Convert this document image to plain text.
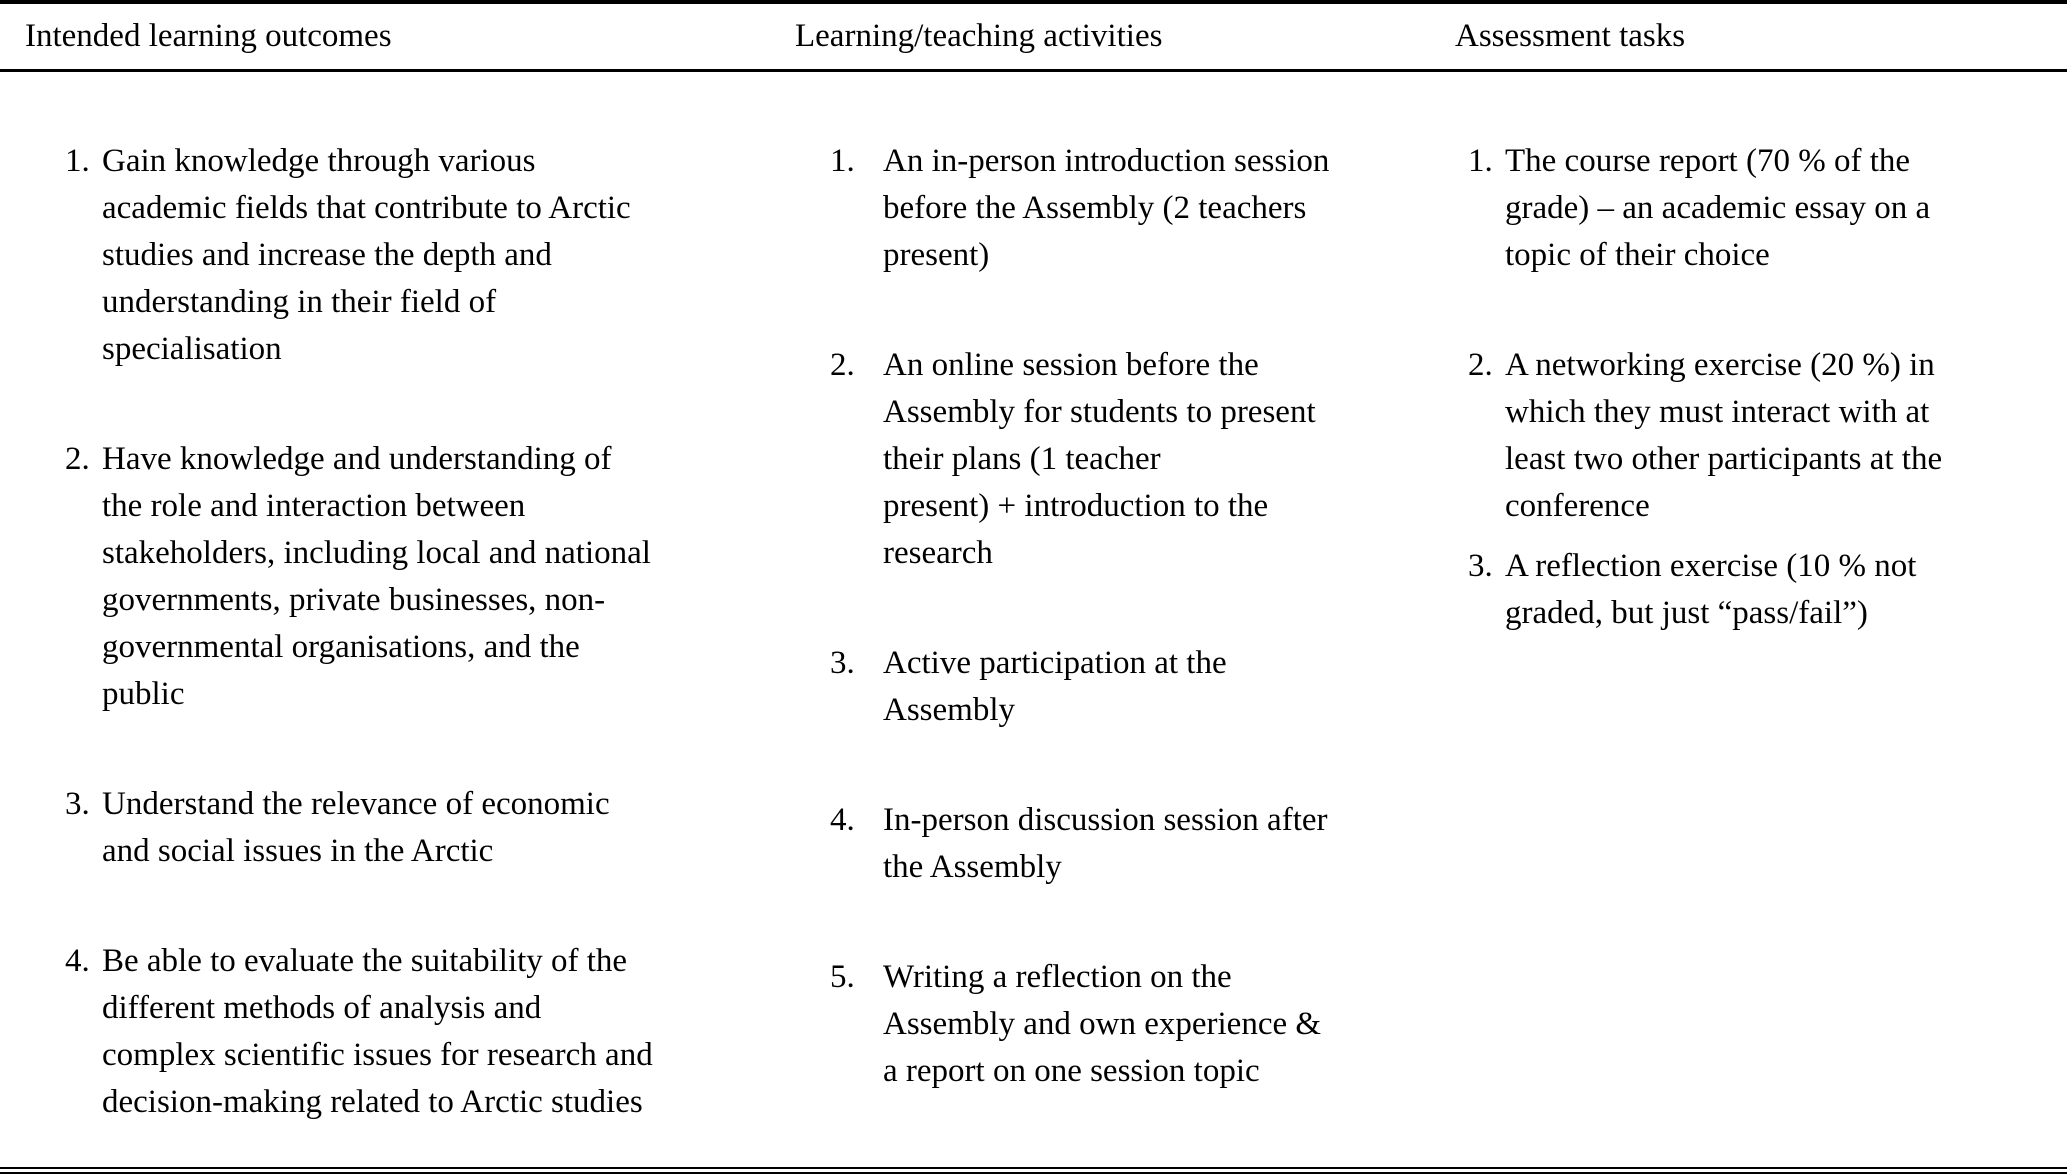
Intended learning outcomes	Learning/teaching activities	Assessment tasks
1. Gain knowledge through various academic fields that contribute to Arctic studies and increase the depth and understanding in their field of specialisation
2. Have knowledge and understanding of the role and interaction between stakeholders, including local and national governments, private businesses, non-governmental organisations, and the public
3. Understand the relevance of economic and social issues in the Arctic
4. Be able to evaluate the suitability of the different methods of analysis and complex scientific issues for research and decision-making related to Arctic studies
1. An in-person introduction session before the Assembly (2 teachers present)
2. An online session before the Assembly for students to present their plans (1 teacher present) + introduction to the research
3. Active participation at the Assembly
4. In-person discussion session after the Assembly
5. Writing a reflection on the Assembly and own experience & a report on one session topic
1. The course report (70 % of the grade) – an academic essay on a topic of their choice
2. A networking exercise (20 %) in which they must interact with at least two other participants at the conference
3. A reflection exercise (10 % not graded, but just “pass/fail”)
